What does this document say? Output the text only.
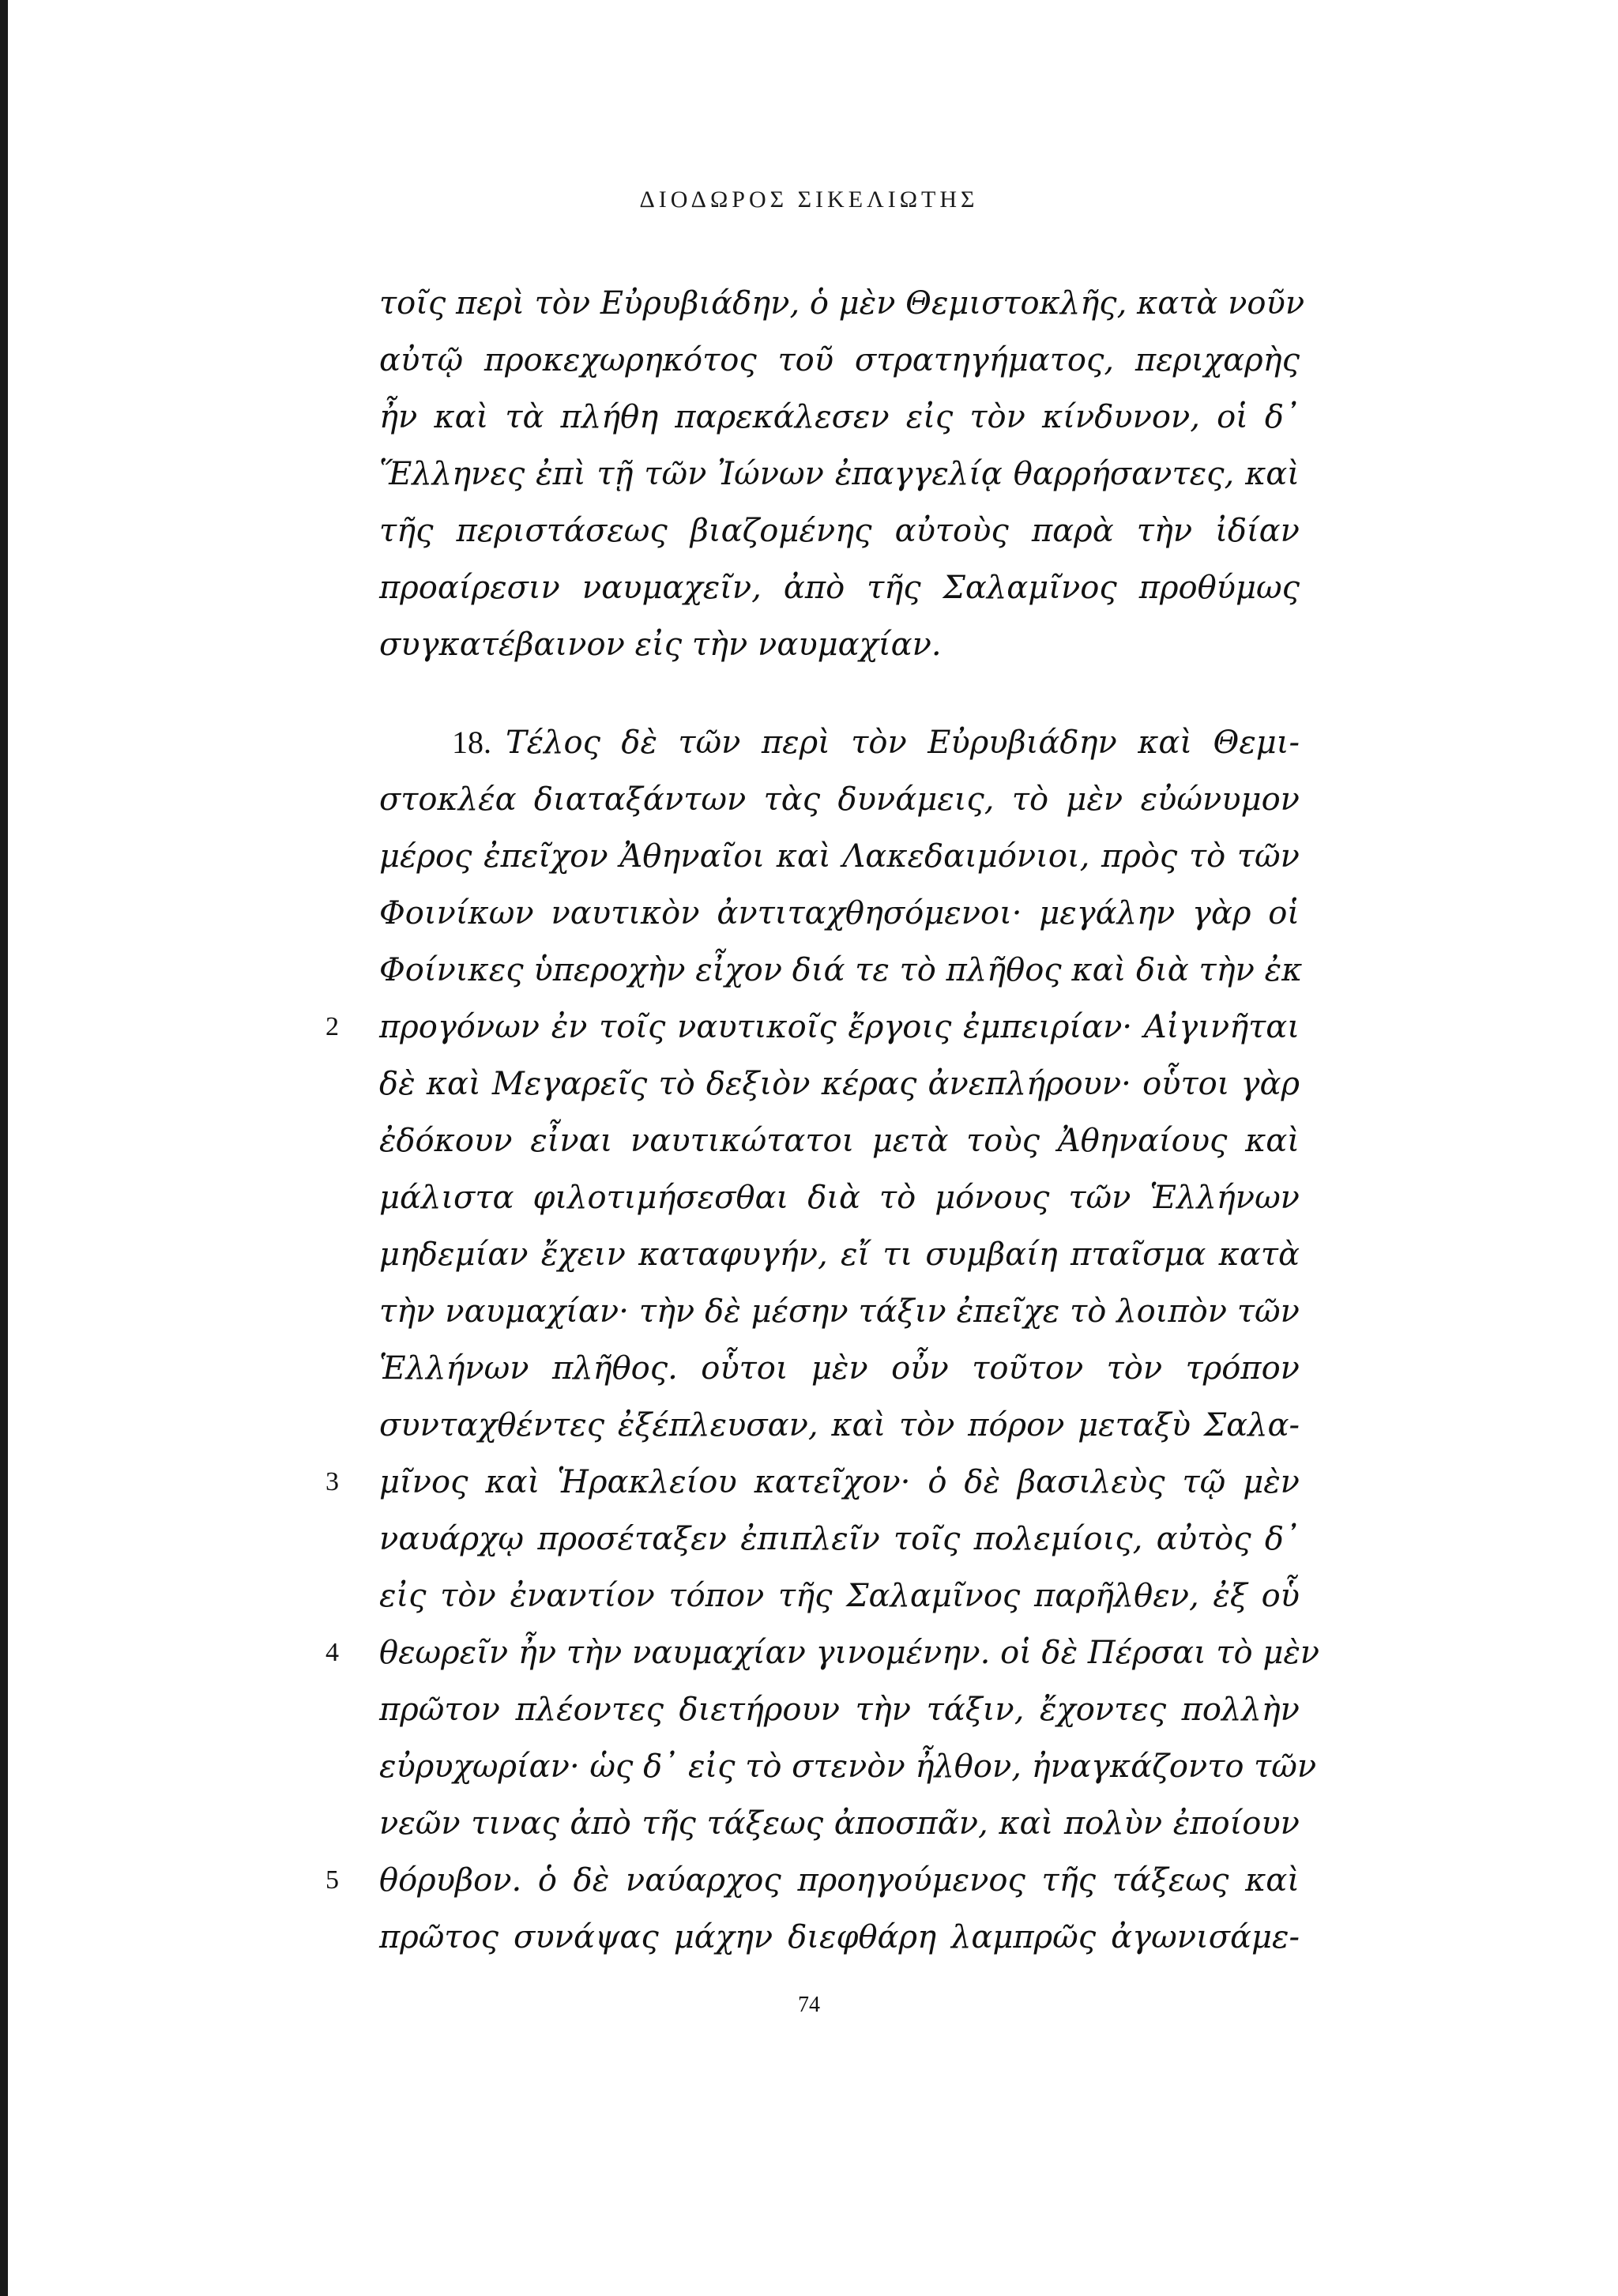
ΔΙΟΔΩΡΟΣ ΣΙΚΕΛΙΩΤΗΣ
τοῖς περὶ τὸν Εὐρυβιάδην, ὁ μὲν Θεμιστοκλῆς, κατὰ νοῦν
αὐτῷ προκεχωρηκότος τοῦ στρατηγήματος, περιχαρὴς
ἦν καὶ τὰ πλήθη παρεκάλεσεν εἰς τὸν κίνδυνον, οἱ δ᾽
Ἕλληνες ἐπὶ τῇ τῶν Ἰώνων ἐπαγγελίᾳ θαρρήσαντες, καὶ
τῆς περιστάσεως βιαζομένης αὐτοὺς παρὰ τὴν ἰδίαν
προαίρεσιν ναυμαχεῖν, ἀπὸ τῆς Σαλαμῖνος προθύμως
συγκατέβαινον εἰς τὴν ναυμαχίαν.
18. Τέλος δὲ τῶν περὶ τὸν Εὐρυβιάδην καὶ Θεμι-
στοκλέα διαταξάντων τὰς δυνάμεις, τὸ μὲν εὐώνυμον
μέρος ἐπεῖχον Ἀθηναῖοι καὶ Λακεδαιμόνιοι, πρὸς τὸ τῶν
Φοινίκων ναυτικὸν ἀντιταχθησόμενοι· μεγάλην γὰρ οἱ
Φοίνικες ὑπεροχὴν εἶχον διά τε τὸ πλῆθος καὶ διὰ τὴν ἐκ
2 προγόνων ἐν τοῖς ναυτικοῖς ἔργοις ἐμπειρίαν· Αἰγινῆται
δὲ καὶ Μεγαρεῖς τὸ δεξιὸν κέρας ἀνεπλήρουν· οὗτοι γὰρ
ἐδόκουν εἶναι ναυτικώτατοι μετὰ τοὺς Ἀθηναίους καὶ
μάλιστα φιλοτιμήσεσθαι διὰ τὸ μόνους τῶν Ἑλλήνων
μηδεμίαν ἔχειν καταφυγήν, εἴ τι συμβαίη πταῖσμα κατὰ
τὴν ναυμαχίαν· τὴν δὲ μέσην τάξιν ἐπεῖχε τὸ λοιπὸν τῶν
Ἑλλήνων πλῆθος. οὗτοι μὲν οὖν τοῦτον τὸν τρόπον
συνταχθέντες ἐξέπλευσαν, καὶ τὸν πόρον μεταξὺ Σαλα-
3 μῖνος καὶ Ἡρακλείου κατεῖχον· ὁ δὲ βασιλεὺς τῷ μὲν
ναυάρχῳ προσέταξεν ἐπιπλεῖν τοῖς πολεμίοις, αὐτὸς δ᾽
εἰς τὸν ἐναντίον τόπον τῆς Σαλαμῖνος παρῆλθεν, ἐξ οὗ
4 θεωρεῖν ἦν τὴν ναυμαχίαν γινομένην. οἱ δὲ Πέρσαι τὸ μὲν
πρῶτον πλέοντες διετήρουν τὴν τάξιν, ἔχοντες πολλὴν
εὐρυχωρίαν· ὡς δ᾽ εἰς τὸ στενὸν ἦλθον, ἠναγκάζοντο τῶν
νεῶν τινας ἀπὸ τῆς τάξεως ἀποσπᾶν, καὶ πολὺν ἐποίουν
5 θόρυβον. ὁ δὲ ναύαρχος προηγούμενος τῆς τάξεως καὶ
πρῶτος συνάψας μάχην διεφθάρη λαμπρῶς ἀγωνισάμε-
74
